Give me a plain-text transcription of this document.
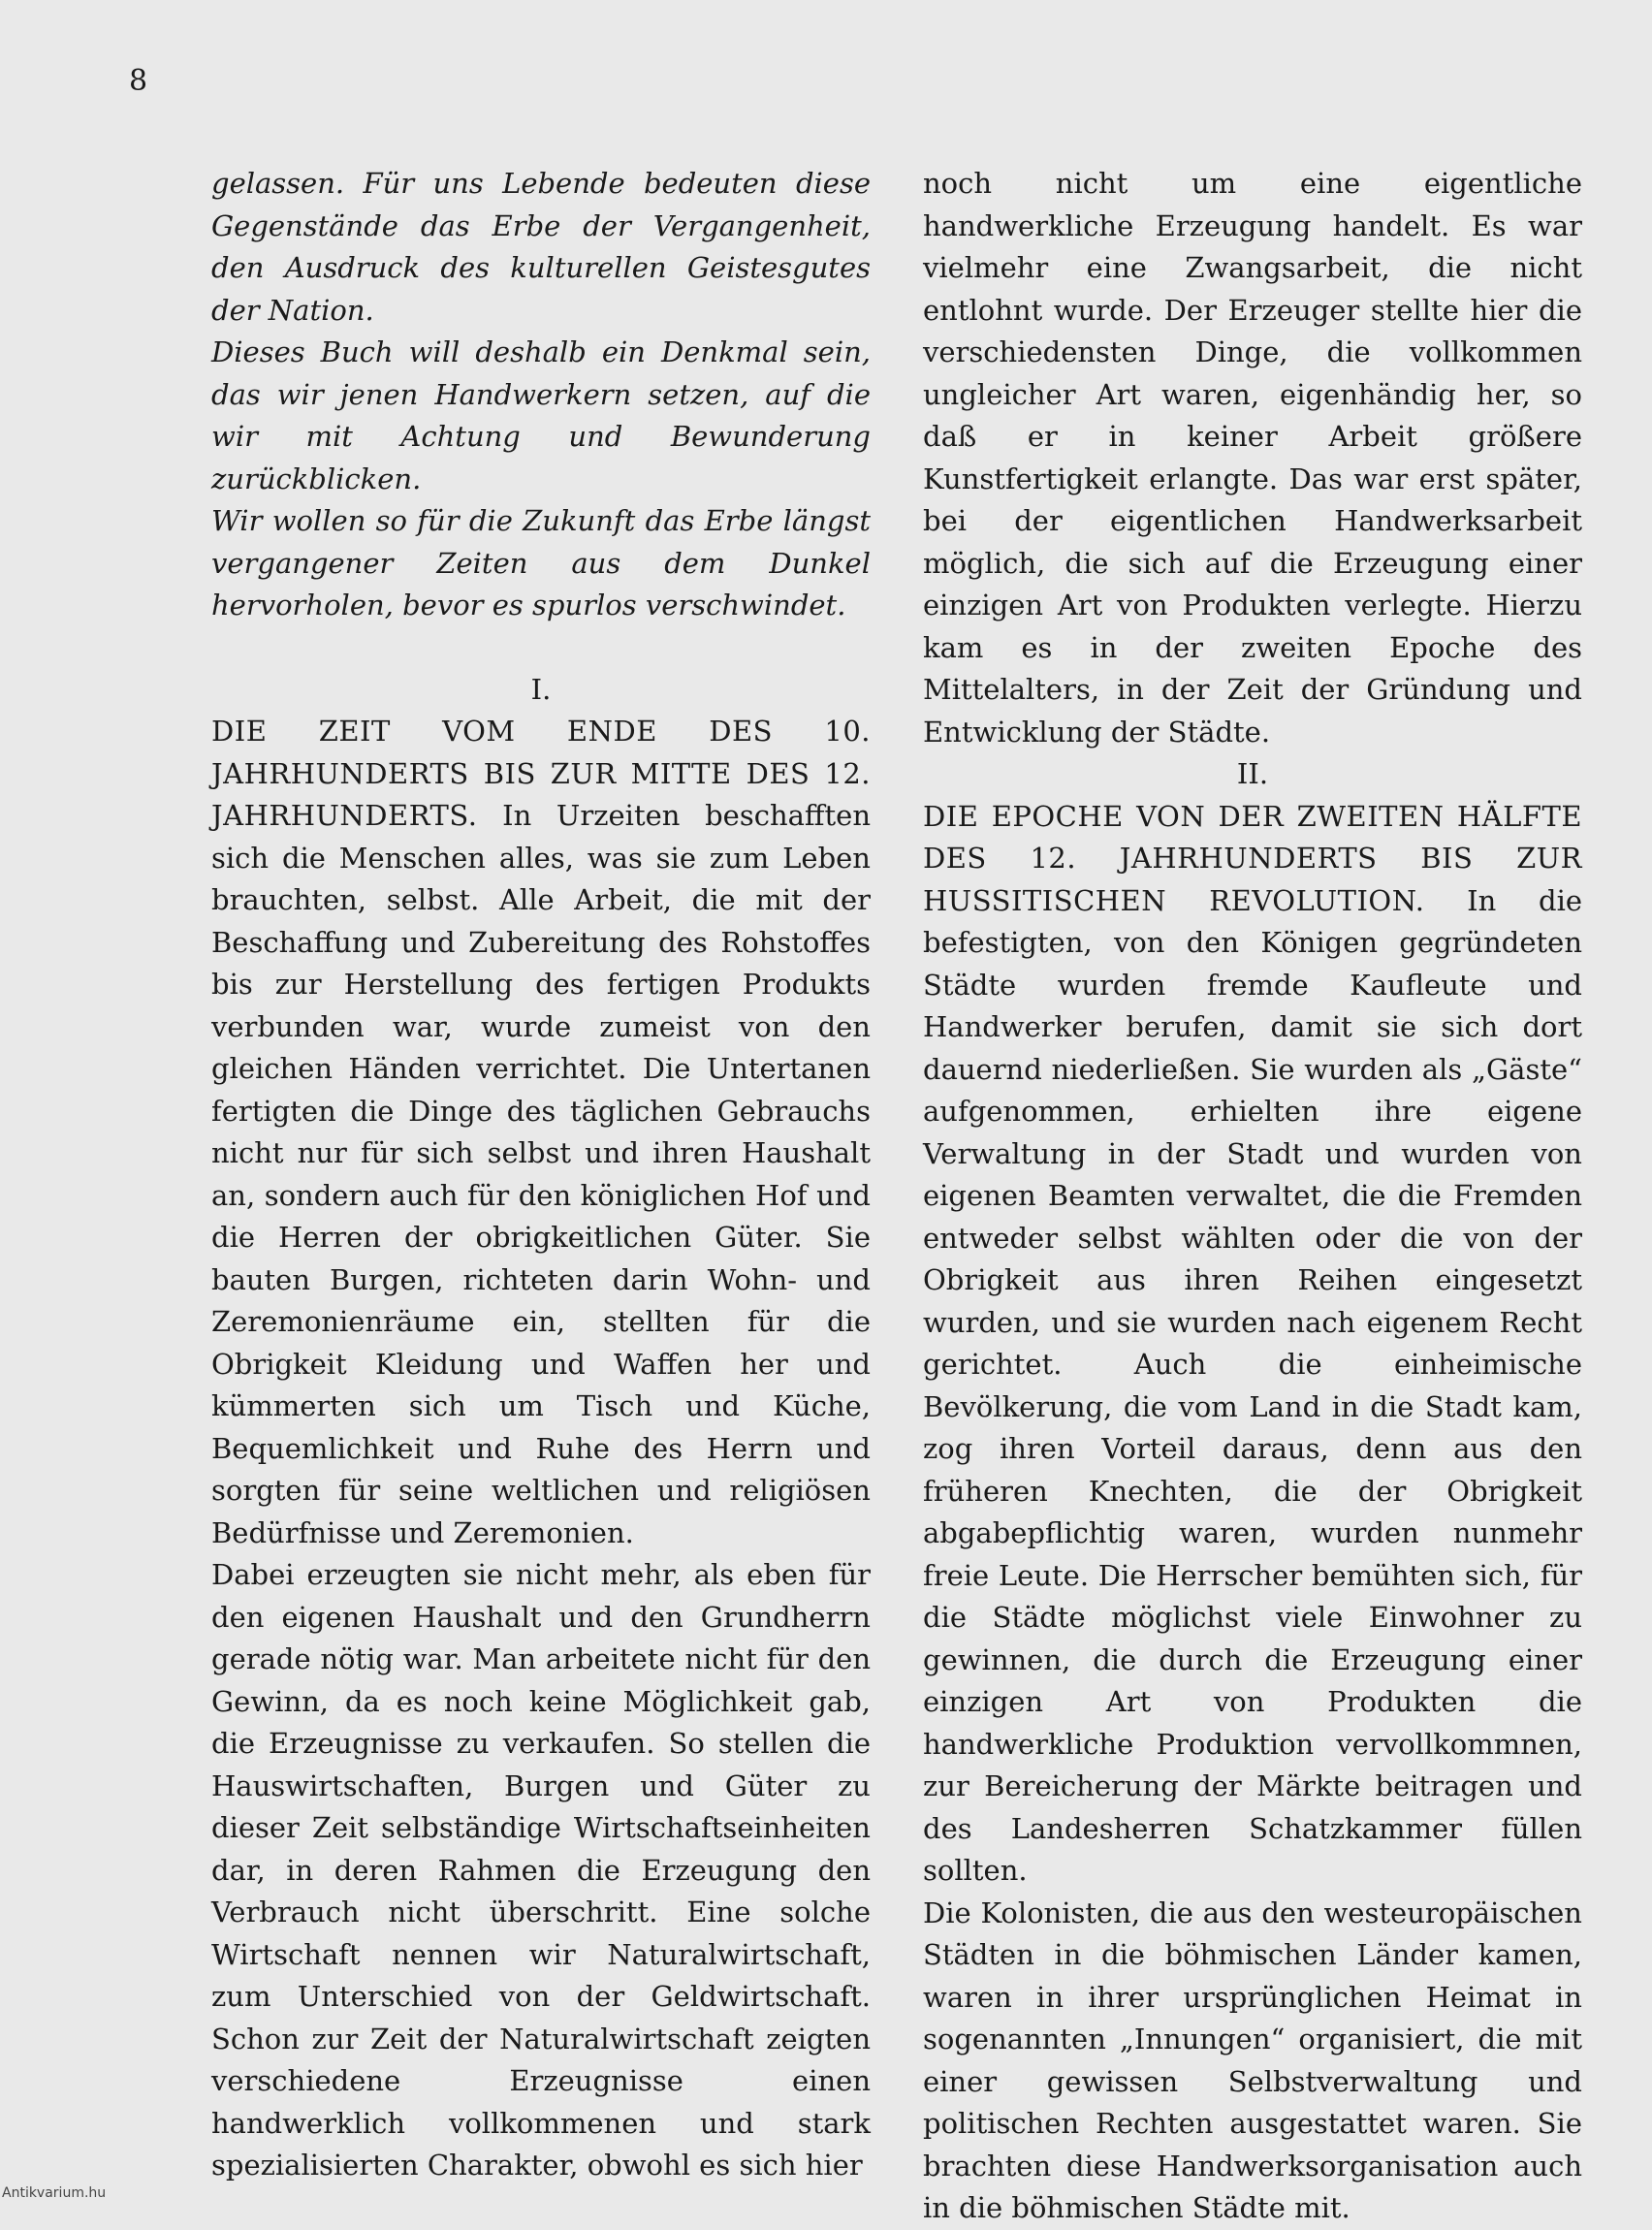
8

gelassen. Für uns Lebende bedeuten diese Gegenstände das Erbe der Vergangenheit, den Ausdruck des kulturellen Geistesgutes der Nation.

Dieses Buch will deshalb ein Denkmal sein, das wir jenen Handwerkern setzen, auf die wir mit Achtung und Bewunderung zurückblicken.

Wir wollen so für die Zukunft das Erbe längst vergangener Zeiten aus dem Dunkel hervorholen, bevor es spurlos verschwindet.

I.

DIE ZEIT VOM ENDE DES 10. JAHRHUNDERTS BIS ZUR MITTE DES 12. JAHRHUNDERTS. In Urzeiten beschafften sich die Menschen alles, was sie zum Leben brauchten, selbst. Alle Arbeit, die mit der Beschaffung und Zubereitung des Rohstoffes bis zur Herstellung des fertigen Produkts verbunden war, wurde zumeist von den gleichen Händen verrichtet. Die Untertanen fertigten die Dinge des täglichen Gebrauchs nicht nur für sich selbst und ihren Haushalt an, sondern auch für den königlichen Hof und die Herren der obrigkeitlichen Güter. Sie bauten Burgen, richteten darin Wohn- und Zeremonienräume ein, stellten für die Obrigkeit Kleidung und Waffen her und kümmerten sich um Tisch und Küche, Bequemlichkeit und Ruhe des Herrn und sorgten für seine weltlichen und religiösen Bedürfnisse und Zeremonien.

Dabei erzeugten sie nicht mehr, als eben für den eigenen Haushalt und den Grundherrn gerade nötig war. Man arbeitete nicht für den Gewinn, da es noch keine Möglichkeit gab, die Erzeugnisse zu verkaufen. So stellen die Hauswirtschaften, Burgen und Güter zu dieser Zeit selbständige Wirtschaftseinheiten dar, in deren Rahmen die Erzeugung den Verbrauch nicht überschritt. Eine solche Wirtschaft nennen wir Naturalwirtschaft, zum Unterschied von der Geldwirtschaft. Schon zur Zeit der Naturalwirtschaft zeigten verschiedene Erzeugnisse einen handwerklich vollkommenen und stark spezialisierten Charakter, obwohl es sich hier

noch nicht um eine eigentliche handwerkliche Erzeugung handelt. Es war vielmehr eine Zwangsarbeit, die nicht entlohnt wurde. Der Erzeuger stellte hier die verschiedensten Dinge, die vollkommen ungleicher Art waren, eigenhändig her, so daß er in keiner Arbeit größere Kunstfertigkeit erlangte. Das war erst später, bei der eigentlichen Handwerksarbeit möglich, die sich auf die Erzeugung einer einzigen Art von Produkten verlegte. Hierzu kam es in der zweiten Epoche des Mittelalters, in der Zeit der Gründung und Entwicklung der Städte.

II.

DIE EPOCHE VON DER ZWEITEN HÄLFTE DES 12. JAHRHUNDERTS BIS ZUR HUSSITISCHEN REVOLUTION. In die befestigten, von den Königen gegründeten Städte wurden fremde Kaufleute und Handwerker berufen, damit sie sich dort dauernd niederließen. Sie wurden als „Gäste“ aufgenommen, erhielten ihre eigene Verwaltung in der Stadt und wurden von eigenen Beamten verwaltet, die die Fremden entweder selbst wählten oder die von der Obrigkeit aus ihren Reihen eingesetzt wurden, und sie wurden nach eigenem Recht gerichtet. Auch die einheimische Bevölkerung, die vom Land in die Stadt kam, zog ihren Vorteil daraus, denn aus den früheren Knechten, die der Obrigkeit abgabepflichtig waren, wurden nunmehr freie Leute. Die Herrscher bemühten sich, für die Städte möglichst viele Einwohner zu gewinnen, die durch die Erzeugung einer einzigen Art von Produkten die handwerkliche Produktion vervollkommnen, zur Bereicherung der Märkte beitragen und des Landesherren Schatzkammer füllen sollten.

Die Kolonisten, die aus den westeuropäischen Städten in die böhmischen Länder kamen, waren in ihrer ursprünglichen Heimat in sogenannten „Innungen“ organisiert, die mit einer gewissen Selbstverwaltung und politischen Rechten ausgestattet waren. Sie brachten diese Handwerksorganisation auch in die böhmischen Städte mit.

Antikvarium.hu
